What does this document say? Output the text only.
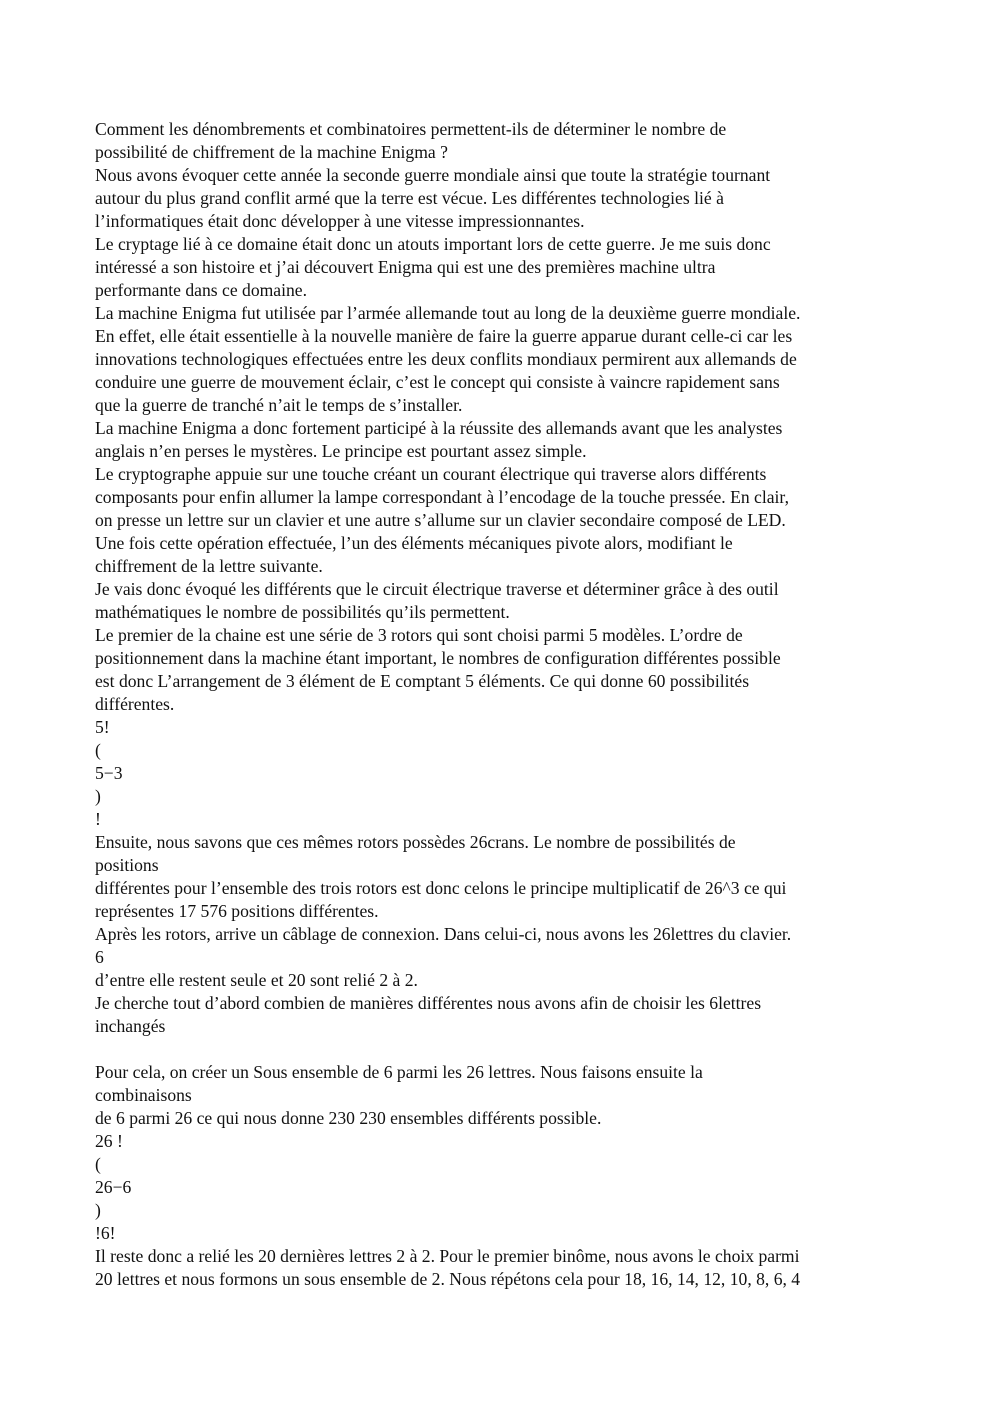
Comment les dénombrements et combinatoires permettent-ils de déterminer le nombre de
possibilité de chiffrement de la machine Enigma ?
Nous avons évoquer cette année la seconde guerre mondiale ainsi que toute la stratégie tournant
autour du plus grand conflit armé que la terre est vécue. Les différentes technologies lié à
l’informatiques était donc développer à une vitesse impressionnantes.
Le cryptage lié à ce domaine était donc un atouts important lors de cette guerre. Je me suis donc
intéressé a son histoire et j’ai découvert Enigma qui est une des premières machine ultra
performante dans ce domaine.
La machine Enigma fut utilisée par l’armée allemande tout au long de la deuxième guerre mondiale.
En effet, elle était essentielle à la nouvelle manière de faire la guerre apparue durant celle-ci car les
innovations technologiques effectuées entre les deux conflits mondiaux permirent aux allemands de
conduire une guerre de mouvement éclair, c’est le concept qui consiste à vaincre rapidement sans
que la guerre de tranché n’ait le temps de s’installer.
La machine Enigma a donc fortement participé à la réussite des allemands avant que les analystes
anglais n’en perses le mystères. Le principe est pourtant assez simple.
Le cryptographe appuie sur une touche créant un courant électrique qui traverse alors différents
composants pour enfin allumer la lampe correspondant à l’encodage de la touche pressée. En clair,
on presse un lettre sur un clavier et une autre s’allume sur un clavier secondaire composé de LED.
Une fois cette opération effectuée, l’un des éléments mécaniques pivote alors, modifiant le
chiffrement de la lettre suivante.
Je vais donc évoqué les différents que le circuit électrique traverse et déterminer grâce à des outil
mathématiques le nombre de possibilités qu’ils permettent.
Le premier de la chaine est une série de 3 rotors qui sont choisi parmi 5 modèles. L’ordre de
positionnement dans la machine étant important, le nombres de configuration différentes possible
est donc L’arrangement de 3 élément de E comptant 5 éléments. Ce qui donne 60 possibilités
différentes.
5!
(
5−3
)
!
Ensuite, nous savons que ces mêmes rotors possèdes 26crans. Le nombre de possibilités de
positions
différentes pour l’ensemble des trois rotors est donc celons le principe multiplicatif de 26^3 ce qui
représentes 17 576 positions différentes.
Après les rotors, arrive un câblage de connexion. Dans celui-ci, nous avons les 26lettres du clavier.
6
d’entre elle restent seule et 20 sont relié 2 à 2.
Je cherche tout d’abord combien de manières différentes nous avons afin de choisir les 6lettres
inchangés
Pour cela, on créer un Sous ensemble de 6 parmi les 26 lettres. Nous faisons ensuite la
combinaisons
de 6 parmi 26 ce qui nous donne 230 230 ensembles différents possible.
26 !
(
26−6
)
!6!
Il reste donc a relié les 20 dernières lettres 2 à 2. Pour le premier binôme, nous avons le choix parmi
20 lettres et nous formons un sous ensemble de 2. Nous répétons cela pour 18, 16, 14, 12, 10, 8, 6, 4
